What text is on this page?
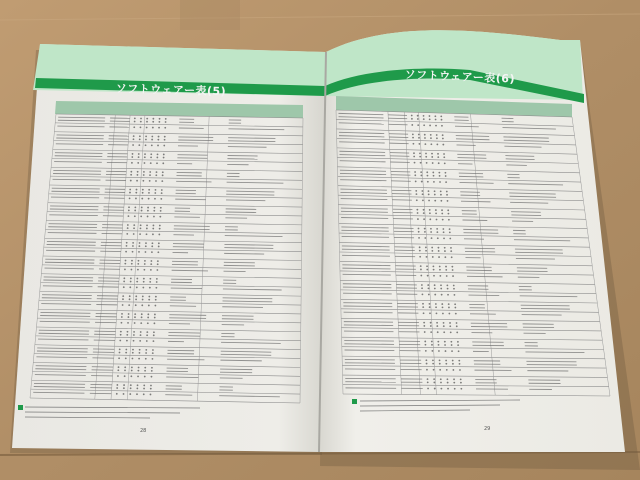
ソフトウェアー表(5)
ソフトウェアー表(6)
28	29
